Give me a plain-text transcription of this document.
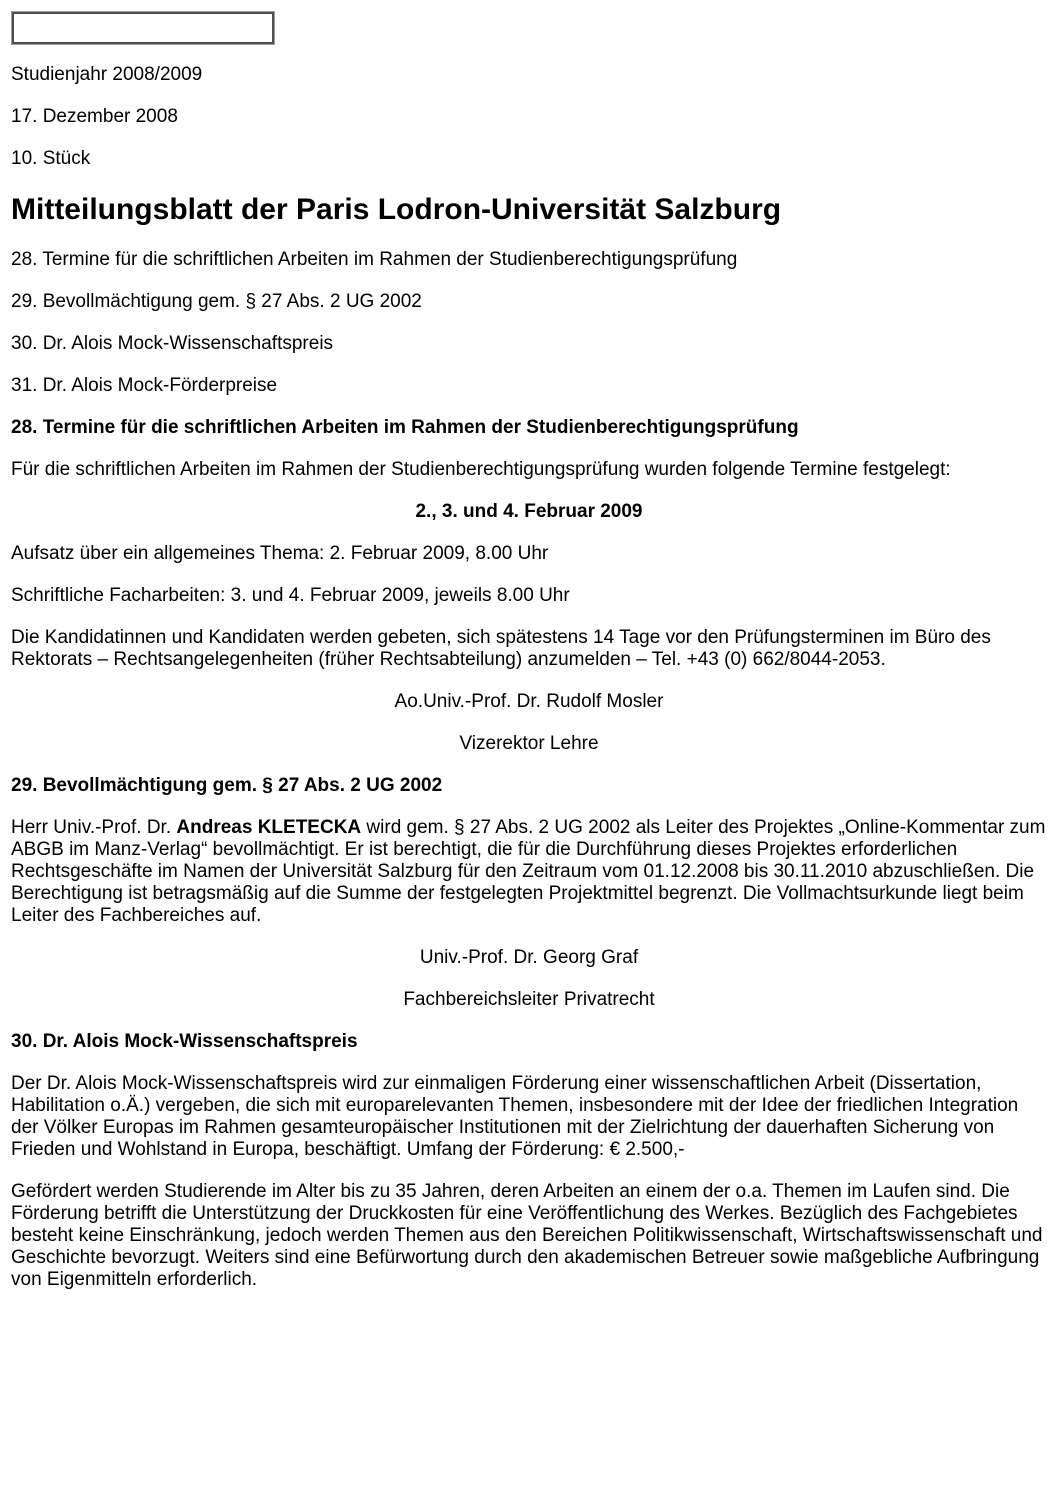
Studienjahr 2008/2009

17. Dezember 2008

10. Stück

Mitteilungsblatt der Paris Lodron-Universität Salzburg

28. Termine für die schriftlichen Arbeiten im Rahmen der Studienberechtigungsprüfung

29. Bevollmächtigung gem. § 27 Abs. 2 UG 2002

30. Dr. Alois Mock-Wissenschaftspreis

31. Dr. Alois Mock-Förderpreise

28. Termine für die schriftlichen Arbeiten im Rahmen der Studienberechtigungsprüfung

Für die schriftlichen Arbeiten im Rahmen der Studienberechtigungsprüfung wurden folgende Termine festgelegt:

2., 3. und 4. Februar 2009

Aufsatz über ein allgemeines Thema: 2. Februar 2009, 8.00 Uhr

Schriftliche Facharbeiten: 3. und 4. Februar 2009, jeweils 8.00 Uhr

Die Kandidatinnen und Kandidaten werden gebeten, sich spätestens 14 Tage vor den Prüfungsterminen im Büro des Rektorats – Rechtsangelegenheiten (früher Rechtsabteilung) anzumelden – Tel. +43 (0) 662/8044-2053.

Ao.Univ.-Prof. Dr. Rudolf Mosler

Vizerektor Lehre

29. Bevollmächtigung gem. § 27 Abs. 2 UG 2002

Herr Univ.-Prof. Dr. Andreas KLETECKA wird gem. § 27 Abs. 2 UG 2002 als Leiter des Projektes „Online-Kommentar zum ABGB im Manz-Verlag“ bevollmächtigt. Er ist berechtigt, die für die Durchführung dieses Projektes erforderlichen Rechtsgeschäfte im Namen der Universität Salzburg für den Zeitraum vom 01.12.2008 bis 30.11.2010 abzuschließen. Die Berechtigung ist betragsmäßig auf die Summe der festgelegten Projektmittel begrenzt. Die Vollmachtsurkunde liegt beim Leiter des Fachbereiches auf.

Univ.-Prof. Dr. Georg Graf

Fachbereichsleiter Privatrecht

30. Dr. Alois Mock-Wissenschaftspreis

Der Dr. Alois Mock-Wissenschaftspreis wird zur einmaligen Förderung einer wissenschaftlichen Arbeit (Dissertation, Habilitation o.Ä.) vergeben, die sich mit europarelevanten Themen, insbesondere mit der Idee der friedlichen Integration der Völker Europas im Rahmen gesamteuropäischer Institutionen mit der Zielrichtung der dauerhaften Sicherung von Frieden und Wohlstand in Europa, beschäftigt. Umfang der Förderung: € 2.500,-

Gefördert werden Studierende im Alter bis zu 35 Jahren, deren Arbeiten an einem der o.a. Themen im Laufen sind. Die Förderung betrifft die Unterstützung der Druckkosten für eine Veröffentlichung des Werkes. Bezüglich des Fachgebietes besteht keine Einschränkung, jedoch werden Themen aus den Bereichen Politikwissenschaft, Wirtschaftswissenschaft und Geschichte bevorzugt. Weiters sind eine Befürwortung durch den akademischen Betreuer sowie maßgebliche Aufbringung von Eigenmitteln erforderlich.
